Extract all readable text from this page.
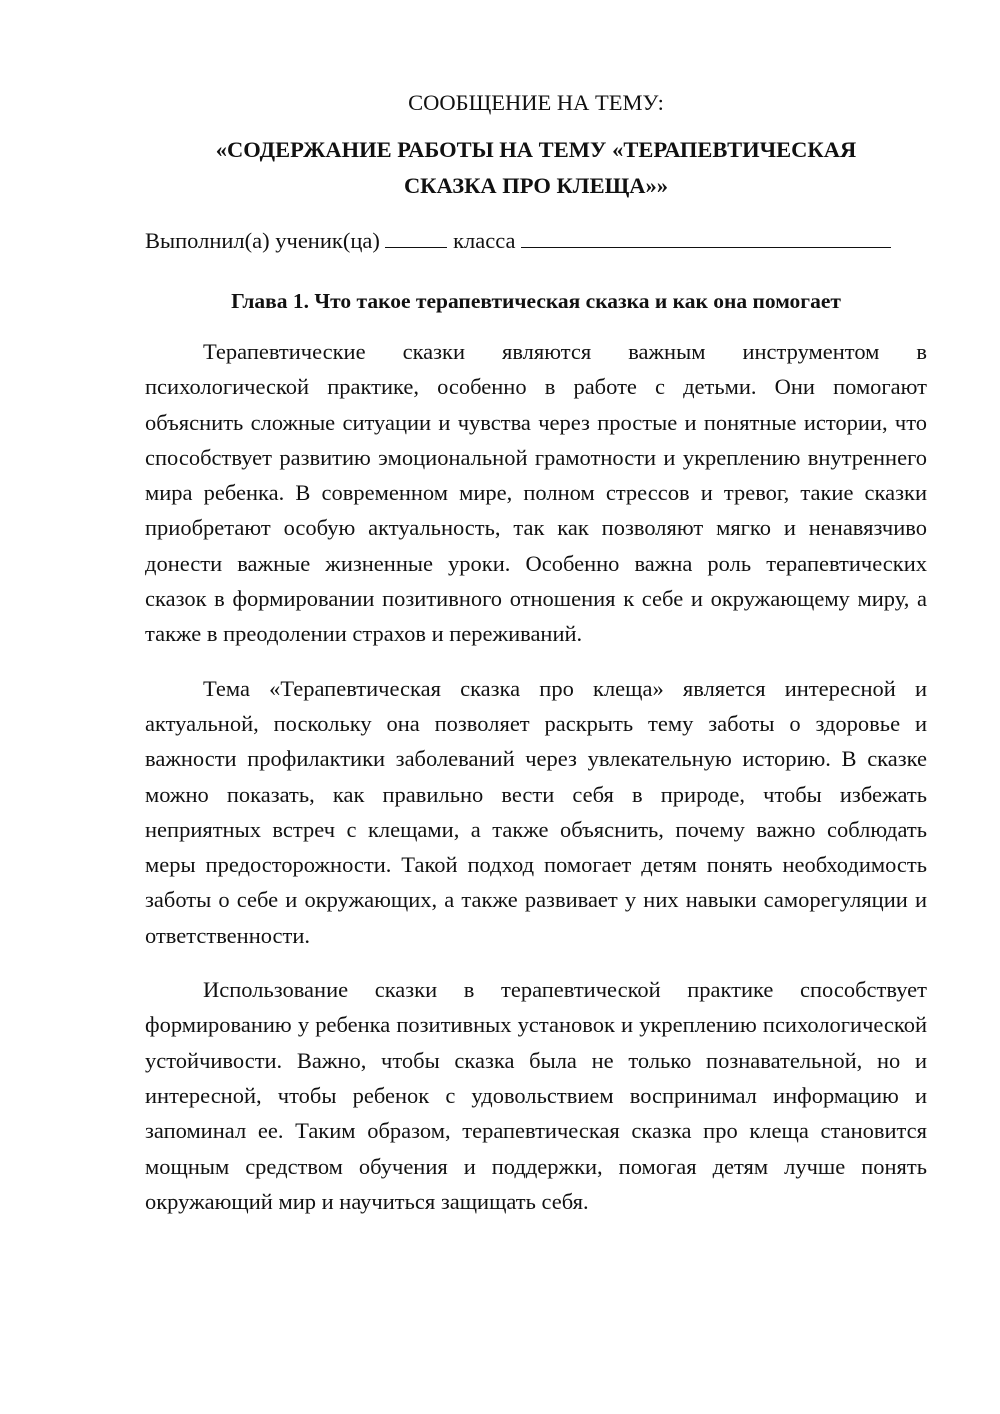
СООБЩЕНИЕ НА ТЕМУ:

«СОДЕРЖАНИЕ РАБОТЫ НА ТЕМУ «ТЕРАПЕВТИЧЕСКАЯ
СКАЗКА ПРО КЛЕЩА»»
Выполнил(а) ученик(ца)	класса
Глава 1. Что такое терапевтическая сказка и как она помогает

Терапевтические сказки являются важным инструментом в психологической практике, особенно в работе с детьми. Они помогают объяснить сложные ситуации и чувства через простые и понятные истории, что способствует развитию эмоциональной грамотности и укреплению внутреннего мира ребенка. В современном мире, полном стрессов и тревог, такие сказки приобретают особую актуальность, так как позволяют мягко и ненавязчиво донести важные жизненные уроки. Особенно важна роль терапевтических сказок в формировании позитивного отношения к себе и окружающему миру, а также в преодолении страхов и переживаний.

Тема «Терапевтическая сказка про клеща» является интересной и актуальной, поскольку она позволяет раскрыть тему заботы о здоровье и важности профилактики заболеваний через увлекательную историю. В сказке можно показать, как правильно вести себя в природе, чтобы избежать неприятных встреч с клещами, а также объяснить, почему важно соблюдать меры предосторожности. Такой подход помогает детям понять необходимость заботы о себе и окружающих, а также развивает у них навыки саморегуляции и ответственности.

Использование сказки в терапевтической практике способствует формированию у ребенка позитивных установок и укреплению психологической устойчивости. Важно, чтобы сказка была не только познавательной, но и интересной, чтобы ребенок с удовольствием воспринимал информацию и запоминал ее. Таким образом, терапевтическая сказка про клеща становится мощным средством обучения и поддержки, помогая детям лучше понять окружающий мир и научиться защищать себя.
